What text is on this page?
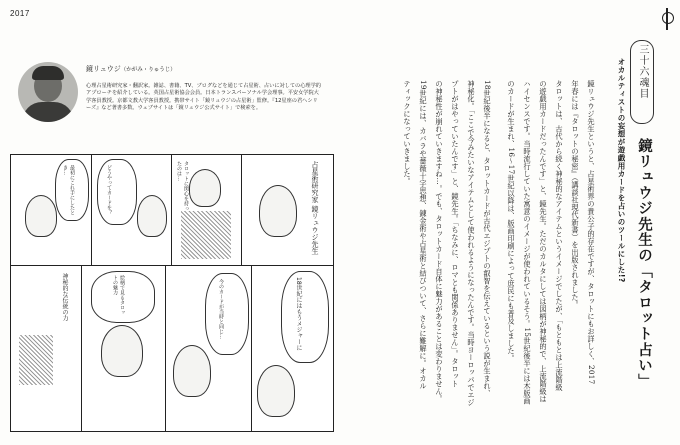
2017
鏡リュウジ（かがみ・りゅうじ）
心理占星術研究家・翻訳家。雑誌、書籍、TV、ブログなどを通じて占星術、占いに対しての心理学的アプローチを紹介している。英国占星術協会会員。日本トランスパーソナル学会理事。平安女学院大学客員教授。京都文教大学客員教授。携帯サイト「鏡リュウジの占星術」監修。『12星座の君へシリーズ』など著書多数。ウェブサイトは「鏡リュウジ公式サイト」で検索を。
最初にこれ手にしたとき…	どうやってカードを？	タロットに関心を持ったのは…	占星術研究家 鏡リュウジ先生
神秘的な伝統の力	絵柄で見るタロットの魅力	今のカードが当時と同じ…	18世紀にはもうメジャーに
三十六魂目
鏡リュウジ先生の「タロット占い」
オカルティストの妄想が遊戯用カードを占いのツールにした!?
鏡リュウジ先生というと、占星術界の貴公子的存在ですが、タロットにもお詳しく、2017
年春には『タロットの秘密』（講談社現代新書）を出版されました。
タロットは、古代から続く神秘的なアイテムというイメージでしたが、「もともとは上流階級
の遊戯用カードだったんです」と、鏡先生。ただのカルタにしては図柄が神秘的で、上流階級は
ハイセンスです。当時流行していた寓意のイメージが使われているそう。15世紀後半には木版画
のカードが生まれ、16〜17世紀以降は、版画印刷によって庶民にも普及しました。
18世紀後半になると、タロットカードが古代エジプトの叡智を伝えているという説が生まれ、
神秘化。「ここで今みたいなアイテムとして使われるようになったんです。当時ヨーロッパでエジ
プトがはやっていたんです」と、鏡先生。「ちなみに、ロマとも関係ありません」。タロット
の神秘性が崩れていきますね…。でも、タロットカード自体に魅力があることは変わりません。
19世紀には、カバラや薔薇十字思想、錬金術や占星術と結びついて、さらに難解に。オカル
ティックになっていきました。
